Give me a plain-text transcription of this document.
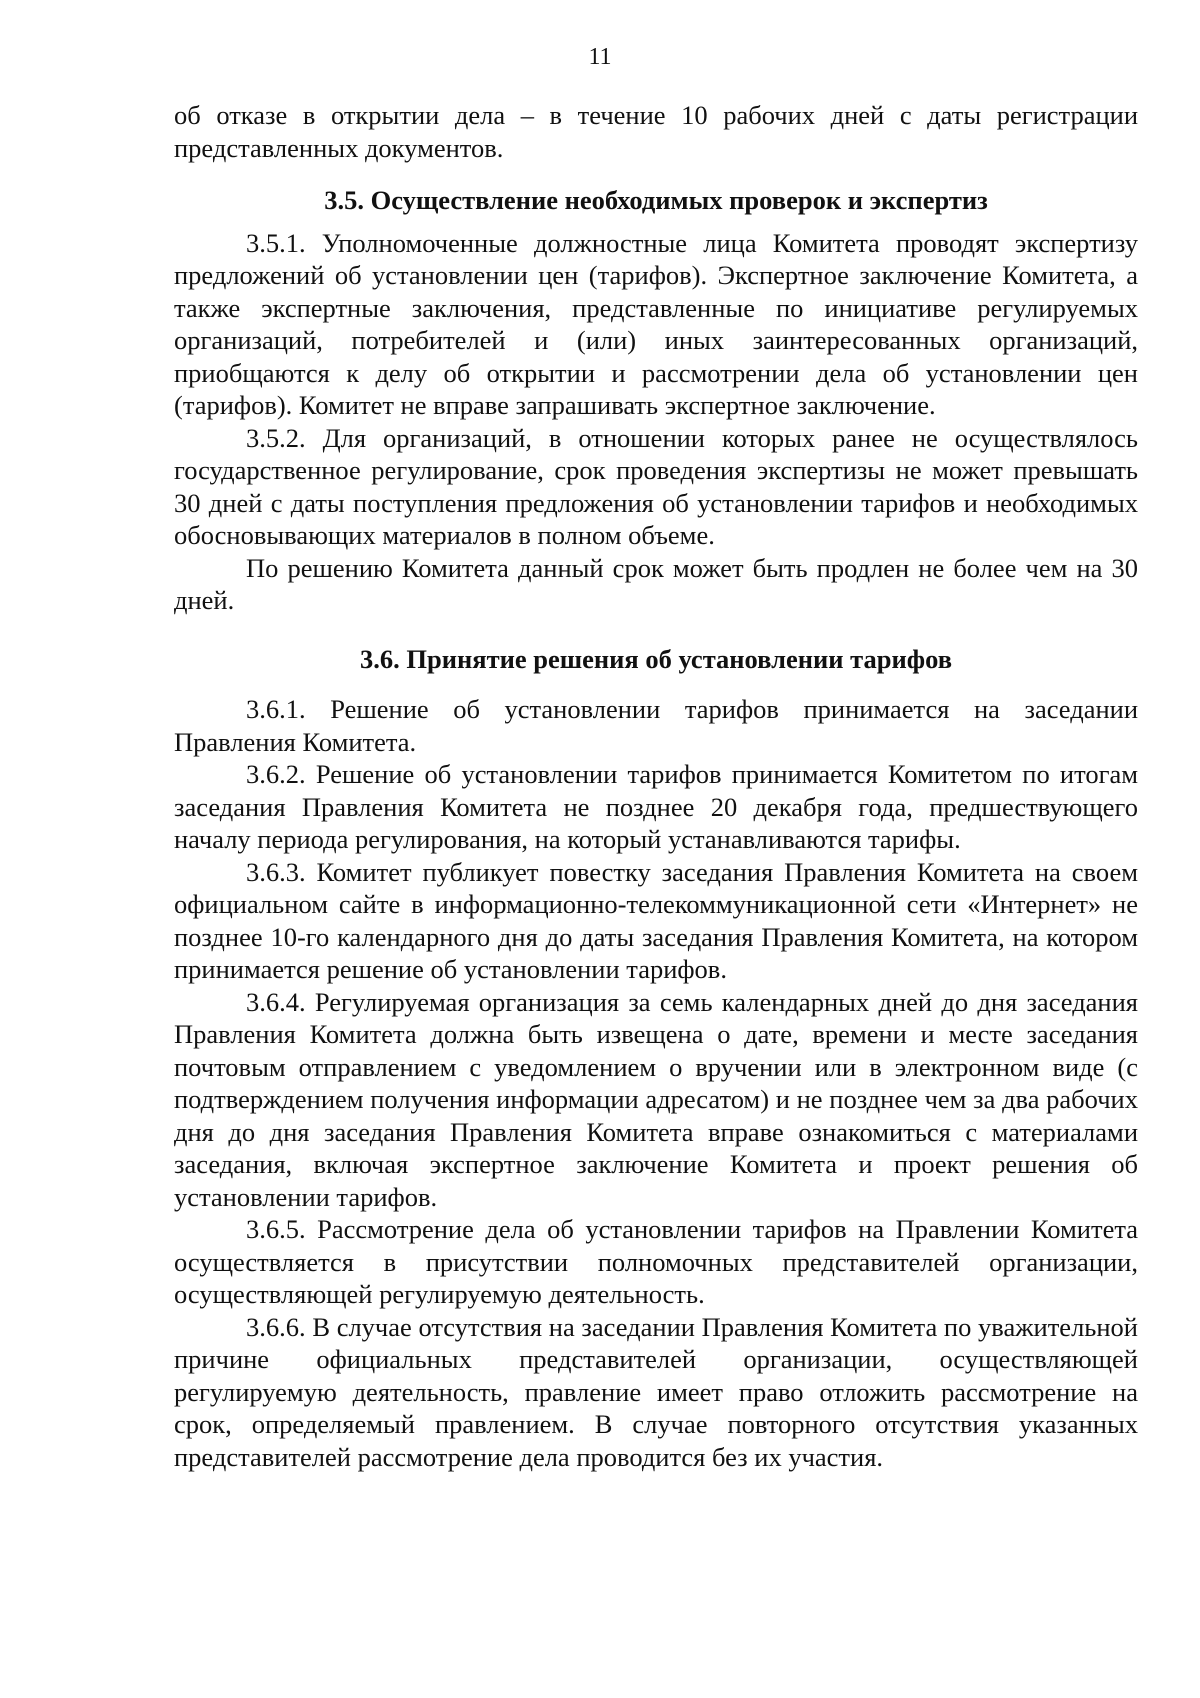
11

об отказе в открытии дела – в течение 10 рабочих дней с даты регистрации представленных документов.

3.5. Осуществление необходимых проверок и экспертиз

3.5.1. Уполномоченные должностные лица Комитета проводят экспертизу предложений об установлении цен (тарифов). Экспертное заключение Комитета, а также экспертные заключения, представленные по инициативе регулируемых организаций, потребителей и (или) иных заинтересованных организаций, приобщаются к делу об открытии и рассмотрении дела об установлении цен (тарифов). Комитет не вправе запрашивать экспертное заключение.

3.5.2. Для организаций, в отношении которых ранее не осуществлялось государственное регулирование, срок проведения экспертизы не может превышать 30 дней с даты поступления предложения об установлении тарифов и необходимых обосновывающих материалов в полном объеме.

По решению Комитета данный срок может быть продлен не более чем на 30 дней.

3.6. Принятие решения об установлении тарифов

3.6.1. Решение об установлении тарифов принимается на заседании Правления Комитета.

3.6.2. Решение об установлении тарифов принимается Комитетом по итогам заседания Правления Комитета не позднее 20 декабря года, предшествующего началу периода регулирования, на который устанавливаются тарифы.

3.6.3. Комитет публикует повестку заседания Правления Комитета на своем официальном сайте в информационно-телекоммуникационной сети «Интернет» не позднее 10-го календарного дня до даты заседания Правления Комитета, на котором принимается решение об установлении тарифов.

3.6.4. Регулируемая организация за семь календарных дней до дня заседания Правления Комитета должна быть извещена о дате, времени и месте заседания почтовым отправлением с уведомлением о вручении или в электронном виде (с подтверждением получения информации адресатом) и не позднее чем за два рабочих дня до дня заседания Правления Комитета вправе ознакомиться с материалами заседания, включая экспертное заключение Комитета и проект решения об установлении тарифов.

3.6.5. Рассмотрение дела об установлении тарифов на Правлении Комитета осуществляется в присутствии полномочных представителей организации, осуществляющей регулируемую деятельность.

3.6.6. В случае отсутствия на заседании Правления Комитета по уважительной причине официальных представителей организации, осуществляющей регулируемую деятельность, правление имеет право отложить рассмотрение на срок, определяемый правлением. В случае повторного отсутствия указанных представителей рассмотрение дела проводится без их участия.
